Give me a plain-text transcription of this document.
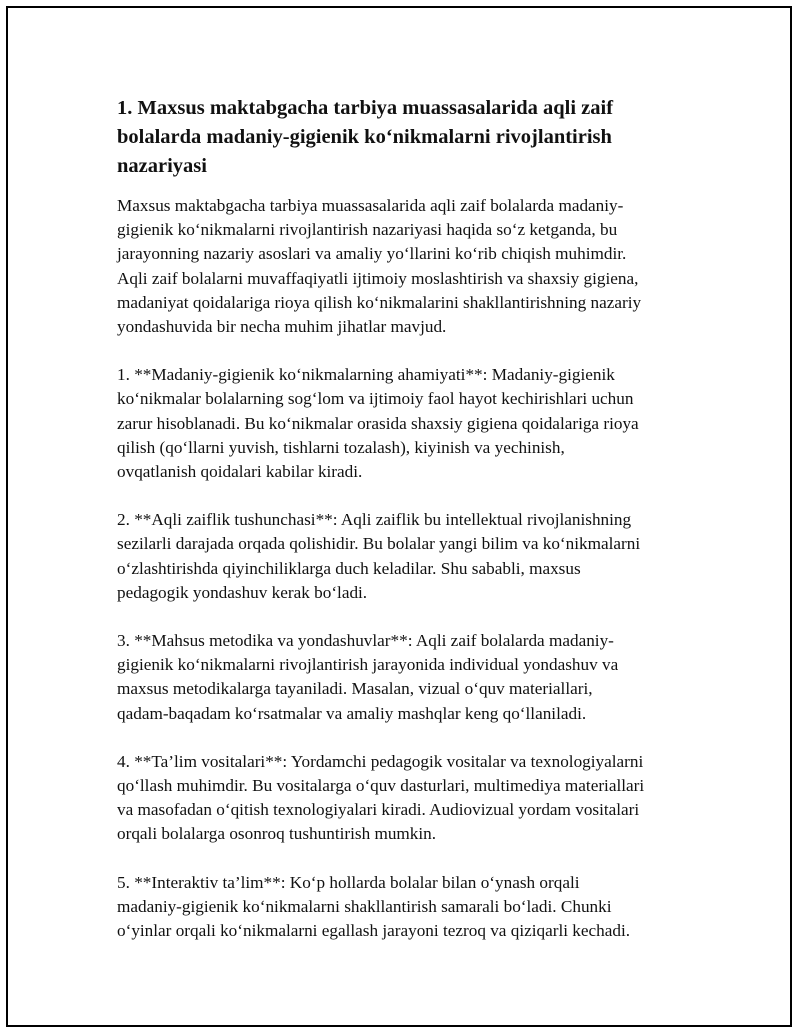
1. Maxsus maktabgacha tarbiya muassasalarida aqli zaif
bolalarda madaniy-gigienik ko‘nikmalarni rivojlantirish
nazariyasi

Maxsus maktabgacha tarbiya muassasalarida aqli zaif bolalarda madaniy-
gigienik ko‘nikmalarni rivojlantirish nazariyasi haqida so‘z ketganda, bu
jarayonning nazariy asoslari va amaliy yo‘llarini ko‘rib chiqish muhimdir.
Aqli zaif bolalarni muvaffaqiyatli ijtimoiy moslashtirish va shaxsiy gigiena,
madaniyat qoidalariga rioya qilish ko‘nikmalarini shakllantirishning nazariy
yondashuvida bir necha muhim jihatlar mavjud.

1. **Madaniy-gigienik ko‘nikmalarning ahamiyati**: Madaniy-gigienik
ko‘nikmalar bolalarning sog‘lom va ijtimoiy faol hayot kechirishlari uchun
zarur hisoblanadi. Bu ko‘nikmalar orasida shaxsiy gigiena qoidalariga rioya
qilish (qo‘llarni yuvish, tishlarni tozalash), kiyinish va yechinish,
ovqatlanish qoidalari kabilar kiradi.

2. **Aqli zaiflik tushunchasi**: Aqli zaiflik bu intellektual rivojlanishning
sezilarli darajada orqada qolishidir. Bu bolalar yangi bilim va ko‘nikmalarni
o‘zlashtirishda qiyinchiliklarga duch keladilar. Shu sababli, maxsus
pedagogik yondashuv kerak bo‘ladi.

3. **Mahsus metodika va yondashuvlar**: Aqli zaif bolalarda madaniy-
gigienik ko‘nikmalarni rivojlantirish jarayonida individual yondashuv va
maxsus metodikalarga tayaniladi. Masalan, vizual o‘quv materiallari,
qadam-baqadam ko‘rsatmalar va amaliy mashqlar keng qo‘llaniladi.

4. **Ta’lim vositalari**: Yordamchi pedagogik vositalar va texnologiyalarni
qo‘llash muhimdir. Bu vositalarga o‘quv dasturlari, multimediya materiallari
va masofadan o‘qitish texnologiyalari kiradi. Audiovizual yordam vositalari
orqali bolalarga osonroq tushuntirish mumkin.

5. **Interaktiv ta’lim**: Ko‘p hollarda bolalar bilan o‘ynash orqali
madaniy-gigienik ko‘nikmalarni shakllantirish samarali bo‘ladi. Chunki
o‘yinlar orqali ko‘nikmalarni egallash jarayoni tezroq va qiziqarli kechadi.
